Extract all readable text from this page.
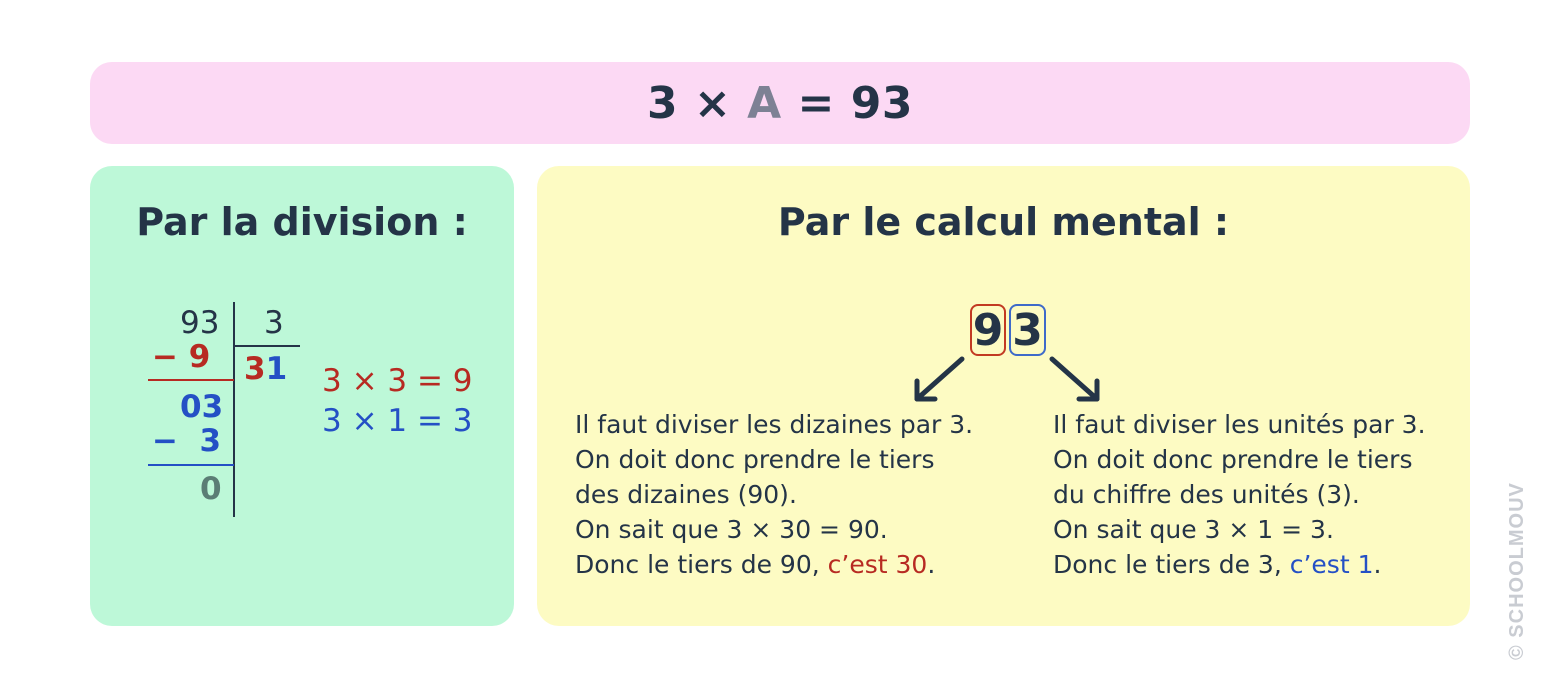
3 × A = 93
Par la division :
93 3
− 9 31
03
−  3
0
3 × 3 = 9
3 × 1 = 3
Par le calcul mental :
9 3
Il faut diviser les dizaines par 3.
On doit donc prendre le tiers
des dizaines (90).
On sait que 3 × 30 = 90.
Donc le tiers de 90, c’est 30.
Il faut diviser les unités par 3.
On doit donc prendre le tiers
du chiffre des unités (3).
On sait que 3 × 1 = 3.
Donc le tiers de 3, c’est 1.	© SCHOOLMOUV
